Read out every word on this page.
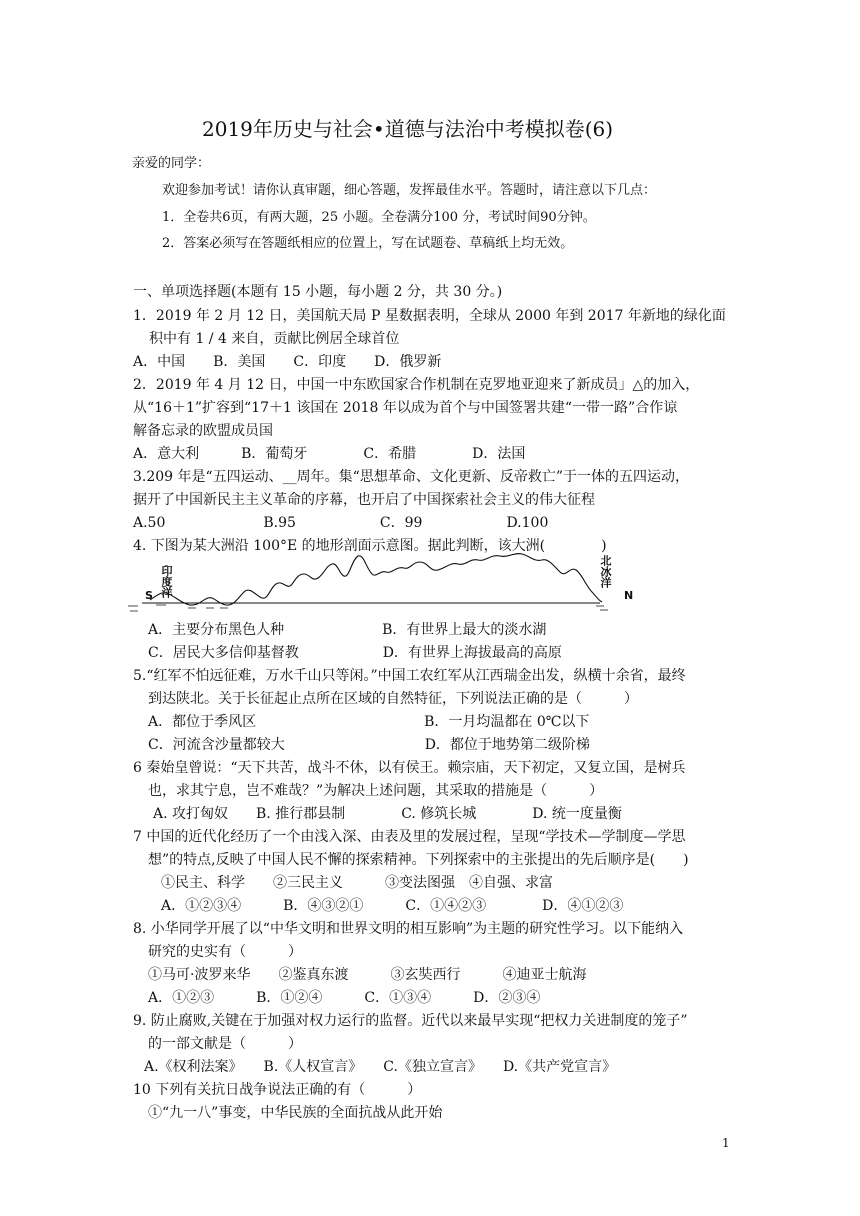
2019年历史与社会•道德与法治中考模拟卷(6)
亲爱的同学：
欢迎参加考试！请你认真审题，细心答题，发挥最佳水平。答题时，请注意以下几点：
1．全卷共6页，有两大题，25 小题。全卷满分100 分，考试时间90分钟。
2．答案必须写在答题纸相应的位置上，写在试题卷、草稿纸上均无效。
一、单项选择题(本题有 15 小题，每小题 2 分，共 30 分。)
1．2019 年 2 月 12 日，美国航天局 P 星数据表明，全球从 2000 年到 2017 年新地的绿化面
积中有 1 / 4 来自，贡献比例居全球首位
A．中国　　B．美国　　C．印度　　D．俄罗新
2．2019 年 4 月 12 日，中国一中东欧国家合作机制在克罗地亚迎来了新成员」△的加入，
从“16＋1”扩容到“17＋1 该国在 2018 年以成为首个与中国签署共建“一带一路”合作谅
解备忘录的欧盟成员国
A．意大利　　　B．葡萄牙　　　　C．希腊　　　　D．法国
3.209 年是“五四运动、__周年。集“思想革命、文化更新、反帝救亡”于一体的五四运动，
据开了中国新民主主义革命的序幕，也开启了中国探索社会主义的伟大征程
A.50　　　　　　　B.95　　　　　　C．99　　　　　　D.100
4. 下图为某大洲沿 100°E 的地形剖面示意图。据此判断，该大洲(　　　　)
印度洋	北冰洋
S	N
A．主要分布黑色人种　　　　　　　B．有世界上最大的淡水湖
C．居民大多信仰基督教　　　　　　D．有世界上海拔最高的高原
5.“红军不怕远征难，万水千山只等闲。”中国工农红军从江西瑞金出发，纵横十余省，最终
到达陕北。关于长征起止点所在区域的自然特征，下列说法正确的是（　　　）
A．都位于季风区　　　　　　　　　　　　B．一月均温都在 0℃以下
C．河流含沙量都较大　　　　　　　　　　D．都位于地势第二级阶梯
6 秦始皇曾说：“天下共苦，战斗不休，以有侯王。赖宗庙，天下初定，又复立国，是树兵
也，求其宁息，岂不难哉？”为解决上述问题，其采取的措施是（　　　）
A. 攻打匈奴　　B. 推行郡县制　　　　C. 修筑长城　　　　D. 统一度量衡
7 中国的近代化经历了一个由浅入深、由表及里的发展过程，呈现“学技术—学制度—学思
想”的特点,反映了中国人民不懈的探索精神。下列探索中的主张提出的先后顺序是(　　)
①民主、科学　　②三民主义　　　③变法图强　④自强、求富
A．①②③④　　　B．④③②①　　　C．①④②③　　　　D．④①②③
8. 小华同学开展了以“中华文明和世界文明的相互影响”为主题的研究性学习。以下能纳入
研究的史实有（　　　）
①马可·波罗来华　　②鉴真东渡　　　③玄奘西行　　　④迪亚士航海
A．①②③　　　B．①②④　　　C．①③④　　　D．②③④
9. 防止腐败,关键在于加强对权力运行的监督。近代以来最早实现“把权力关进制度的笼子”
的一部文献是（　　　）
A.《权利法案》　　B.《人权宣言》　　C.《独立宣言》　　D.《共产党宣言》
10 下列有关抗日战争说法正确的有（　　　）
①“九一八”事变，中华民族的全面抗战从此开始
1
